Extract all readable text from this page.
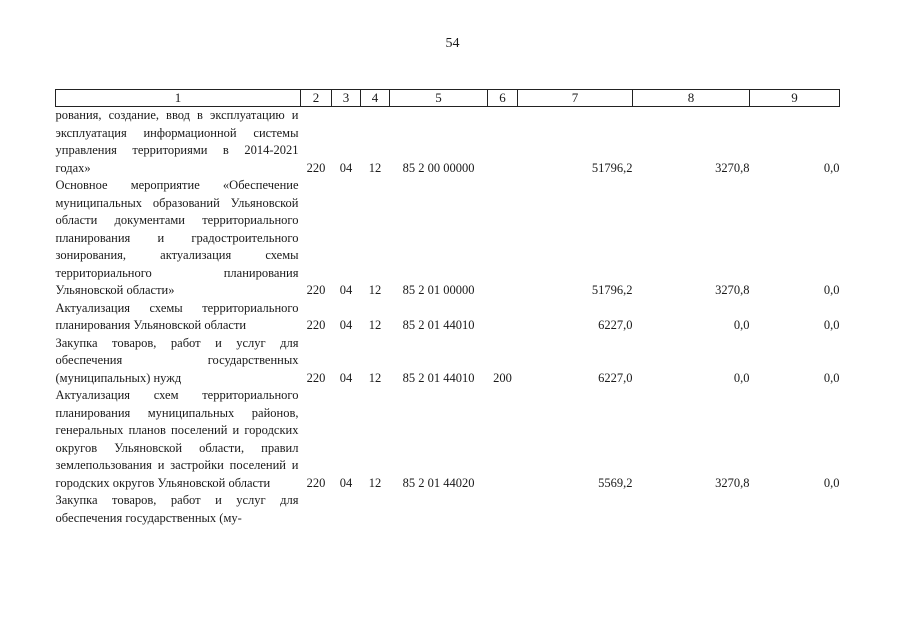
54
1	2	3	4	5	6	7	8	9
рования, создание, ввод в эксплуатацию и эксплуатация информационной системы управления территориями в 2014-2021 годах»	220	04	12	85 2 00 00000		51796,2	3270,8	0,0
Основное мероприятие «Обеспечение муниципальных образований Ульяновской области документами территориального планирования и градостроительного зонирования, актуализация схемы территориального планирования Ульяновской области»	220	04	12	85 2 01 00000		51796,2	3270,8	0,0
Актуализация схемы территориального планирования Ульяновской области	220	04	12	85 2 01 44010		6227,0	0,0	0,0
Закупка товаров, работ и услуг для обеспечения государственных (муниципальных) нужд	220	04	12	85 2 01 44010	200	6227,0	0,0	0,0
Актуализация схем территориального планирования муниципальных районов, генеральных планов поселений и городских округов Ульяновской области, правил землепользования и застройки поселений и городских округов Ульяновской области	220	04	12	85 2 01 44020		5569,2	3270,8	0,0
Закупка товаров, работ и услуг для обеспечения государственных (му-								
